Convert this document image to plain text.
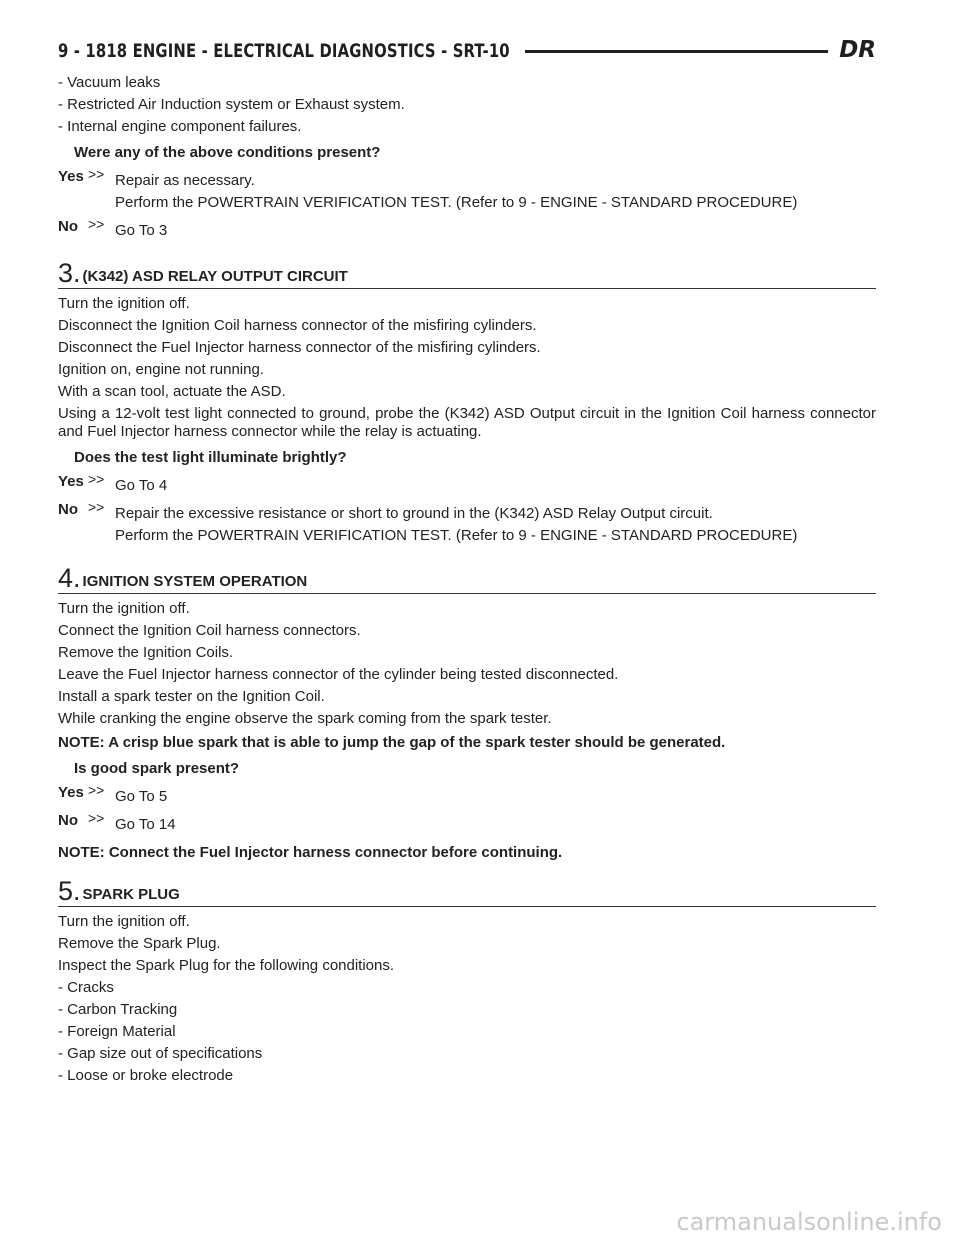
9 - 1818 ENGINE - ELECTRICAL DIAGNOSTICS - SRT-10	DR
- Vacuum leaks
- Restricted Air Induction system or Exhaust system.
- Internal engine component failures.
Were any of the above conditions present?
Yes >> Repair as necessary.
Perform the POWERTRAIN VERIFICATION TEST. (Refer to 9 - ENGINE - STANDARD PROCEDURE)
No >> Go To 3
3. (K342) ASD RELAY OUTPUT CIRCUIT
Turn the ignition off.
Disconnect the Ignition Coil harness connector of the misfiring cylinders.
Disconnect the Fuel Injector harness connector of the misfiring cylinders.
Ignition on, engine not running.
With a scan tool, actuate the ASD.
Using a 12-volt test light connected to ground, probe the (K342) ASD Output circuit in the Ignition Coil harness connector and Fuel Injector harness connector while the relay is actuating.
Does the test light illuminate brightly?
Yes >> Go To 4
No >> Repair the excessive resistance or short to ground in the (K342) ASD Relay Output circuit.
Perform the POWERTRAIN VERIFICATION TEST. (Refer to 9 - ENGINE - STANDARD PROCEDURE)
4. IGNITION SYSTEM OPERATION
Turn the ignition off.
Connect the Ignition Coil harness connectors.
Remove the Ignition Coils.
Leave the Fuel Injector harness connector of the cylinder being tested disconnected.
Install a spark tester on the Ignition Coil.
While cranking the engine observe the spark coming from the spark tester.
NOTE: A crisp blue spark that is able to jump the gap of the spark tester should be generated.
Is good spark present?
Yes >> Go To 5
No >> Go To 14
NOTE: Connect the Fuel Injector harness connector before continuing.
5. SPARK PLUG
Turn the ignition off.
Remove the Spark Plug.
Inspect the Spark Plug for the following conditions.
- Cracks
- Carbon Tracking
- Foreign Material
- Gap size out of specifications
- Loose or broke electrode
carmanualsonline.info
